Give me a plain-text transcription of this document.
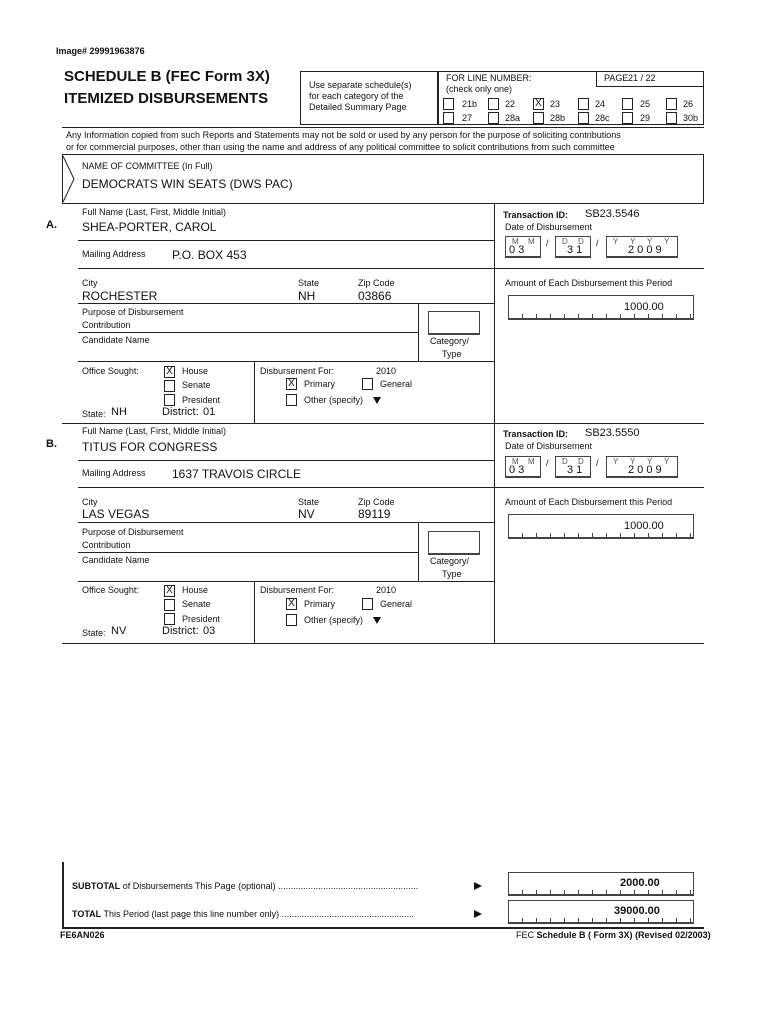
Image# 29991963876
SCHEDULE B (FEC Form 3X)
ITEMIZED DISBURSEMENTS
Use separate schedule(s)
for each category of the
Detailed Summary Page
FOR LINE NUMBER:
(check only one)
PAGE 21 / 22
21b	22 X 23	24	25	26
27	28a	28b	28c	29	30b
Any Information copied from such Reports and Statements may not be sold or used by any person for the purpose of soliciting contributions
or for commercial purposes, other than using the name and address of any political committee to solicit contributions from such committee
NAME OF COMMITTEE (In Full)
DEMOCRATS WIN SEATS (DWS PAC)
A.
Full Name (Last, First, Middle Initial)
SHEA-PORTER, CAROL
Mailing Address P.O. BOX 453
City
ROCHESTER
State
NH
Zip Code
03866
Purpose of Disbursement
Contribution
Candidate Name	Category/
Type
Office Sought:	X House
Senate
President
Disbursement For:	2010
X Primary	General
Other (specify)
State: NH	District: 01
Transaction ID: SB23.5546
Date of Disbursement
M M
0 3
/ D D
3 1
/ Y Y Y Y
2 0 0 9
Amount of Each Disbursement this Period
1000.00
B.
Full Name (Last, First, Middle Initial)
TITUS FOR CONGRESS
Mailing Address 1637 TRAVOIS CIRCLE
City
LAS VEGAS
State
NV
Zip Code
89119
Purpose of Disbursement
Contribution
Candidate Name	Category/
Type
Office Sought:	X House
Senate
President
Disbursement For:	2010
X Primary	General
Other (specify)
State: NV	District: 03
Transaction ID: SB23.5550
Date of Disbursement
M M
0 3
/ D D
3 1
/ Y Y Y Y
2 0 0 9
Amount of Each Disbursement this Period
1000.00
SUBTOTAL of Disbursements This Page (optional) ........................................................	2000.00
TOTAL This Period (last page this line number only) .....................................................	39000.00
FE6AN026	FEC Schedule B ( Form 3X) (Revised 02/2003)
